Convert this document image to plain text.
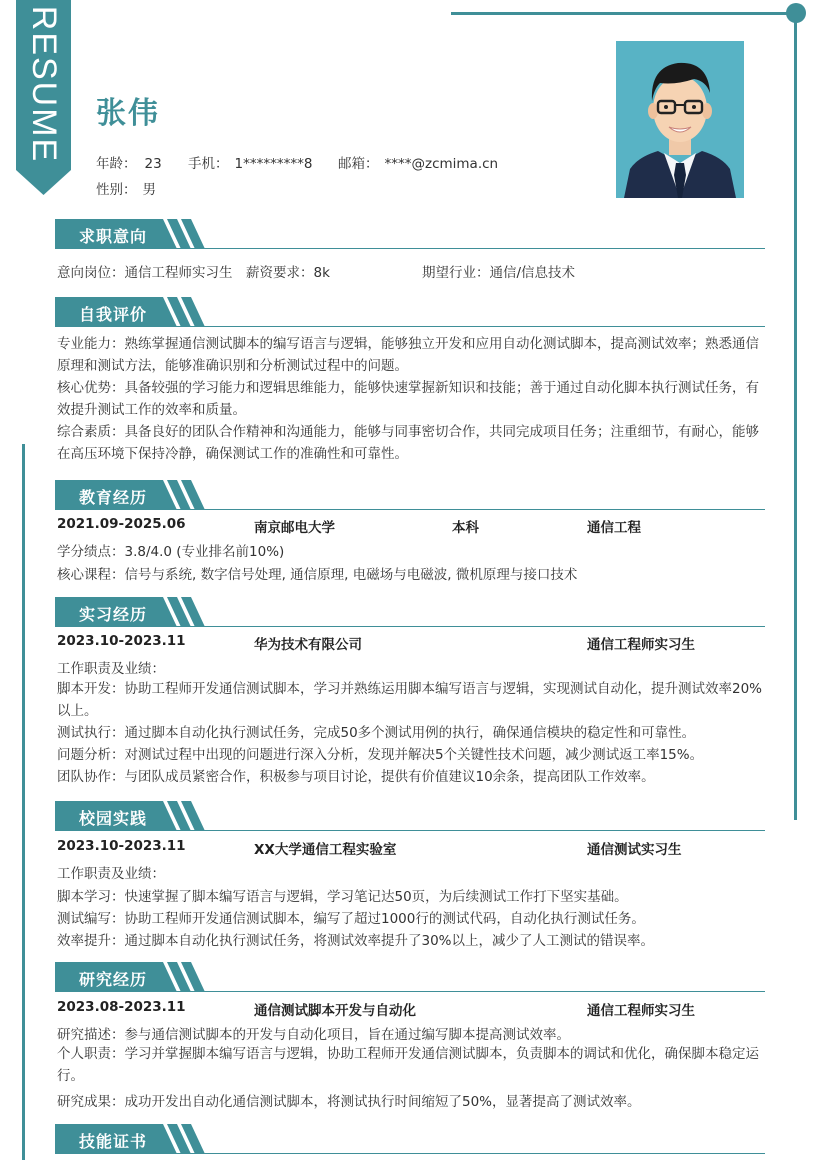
RESUME 张伟
年龄： 23 手机： 1*********8 邮箱： ****@zcmima.cn
性别： 男
求职意向
意向岗位：通信工程师实习生 薪资要求：8k	期望行业：通信/信息技术
自我评价
专业能力：熟练掌握通信测试脚本的编写语言与逻辑，能够独立开发和应用自动化测试脚本，提高测试效率；熟悉通信原理和测试方法，能够准确识别和分析测试过程中的问题。
核心优势：具备较强的学习能力和逻辑思维能力，能够快速掌握新知识和技能；善于通过自动化脚本执行测试任务，有效提升测试工作的效率和质量。
综合素质：具备良好的团队合作精神和沟通能力，能够与同事密切合作，共同完成项目任务；注重细节，有耐心，能够在高压环境下保持冷静，确保测试工作的准确性和可靠性。
教育经历
2021.09-2025.06	南京邮电大学	本科	通信工程
学分绩点：3.8/4.0 (专业排名前10%)
核心课程：信号与系统, 数字信号处理, 通信原理, 电磁场与电磁波, 微机原理与接口技术
实习经历
2023.10-2023.11	华为技术有限公司	通信工程师实习生
工作职责及业绩：
脚本开发：协助工程师开发通信测试脚本，学习并熟练运用脚本编写语言与逻辑，实现测试自动化，提升测试效率20%以上。
测试执行：通过脚本自动化执行测试任务，完成50多个测试用例的执行，确保通信模块的稳定性和可靠性。
问题分析：对测试过程中出现的问题进行深入分析，发现并解决5个关键性技术问题，减少测试返工率15%。
团队协作：与团队成员紧密合作，积极参与项目讨论，提供有价值建议10余条，提高团队工作效率。
校园实践
2023.10-2023.11	XX大学通信工程实验室	通信测试实习生
工作职责及业绩：
脚本学习：快速掌握了脚本编写语言与逻辑，学习笔记达50页，为后续测试工作打下坚实基础。
测试编写：协助工程师开发通信测试脚本，编写了超过1000行的测试代码，自动化执行测试任务。
效率提升：通过脚本自动化执行测试任务，将测试效率提升了30%以上，减少了人工测试的错误率。
研究经历
2023.08-2023.11	通信测试脚本开发与自动化	通信工程师实习生
研究描述：参与通信测试脚本的开发与自动化项目，旨在通过编写脚本提高测试效率。
个人职责：学习并掌握脚本编写语言与逻辑，协助工程师开发通信测试脚本，负责脚本的调试和优化，确保脚本稳定运行。
研究成果：成功开发出自动化通信测试脚本，将测试执行时间缩短了50%，显著提高了测试效率。
技能证书
